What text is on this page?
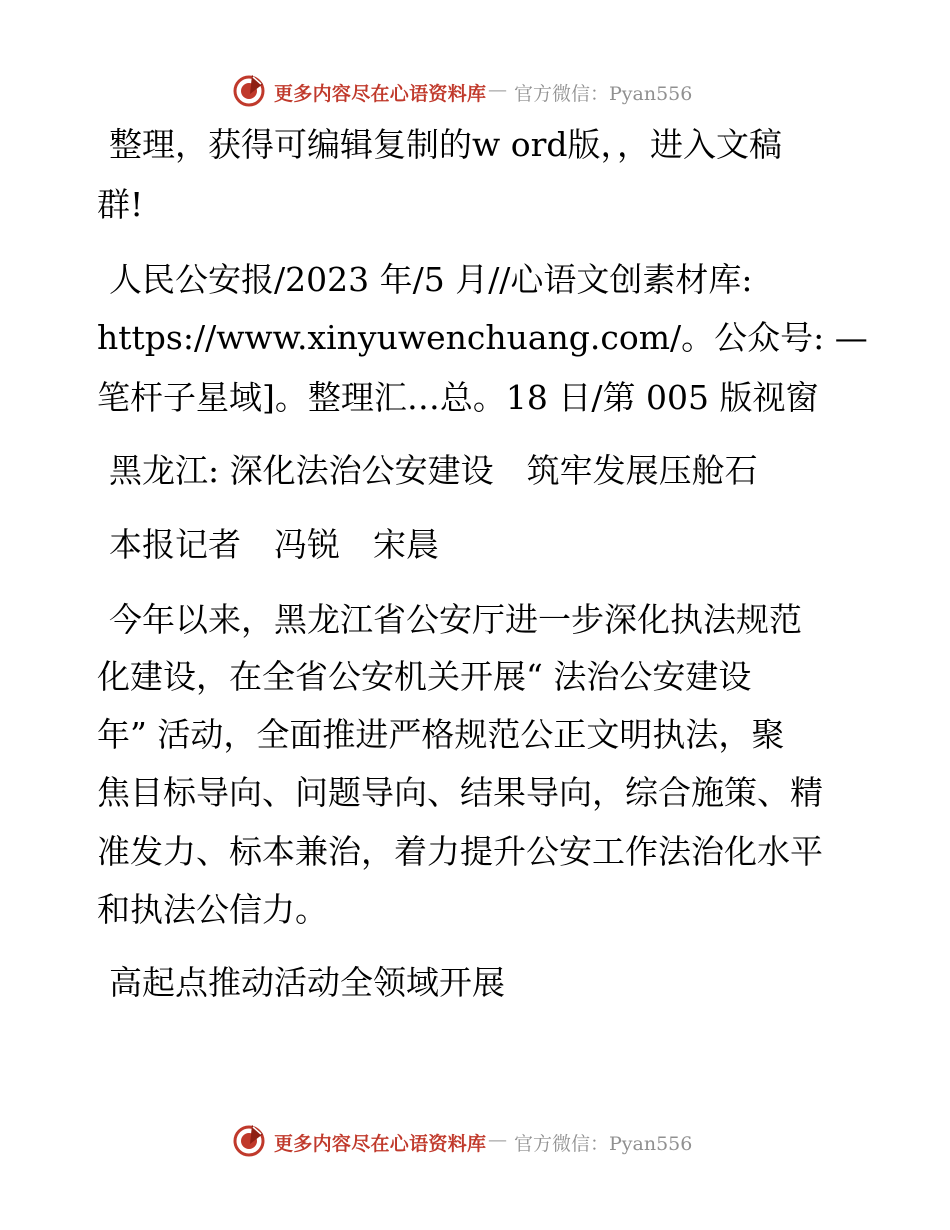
更多内容尽在心语资料库 — 官方微信：Pyan556
整理，获得可编辑复制的w ord版，，进入文稿
群!
人民公安报/2023 年/5 月//心语文创素材库:
https://www.xinyuwenchuang.com/。公众号: —
笔杆子星域]。整理汇…总。18 日/第 005 版视窗
黑龙江: 深化法治公安建设　筑牢发展压舱石
本报记者　冯锐　宋晨
今年以来，黑龙江省公安厅进一步深化执法规范
化建设，在全省公安机关开展“ 法治公安建设
年” 活动，全面推进严格规范公正文明执法，聚
焦目标导向、问题导向、结果导向，综合施策、精
准发力、标本兼治，着力提升公安工作法治化水平
和执法公信力。
高起点推动活动全领域开展
更多内容尽在心语资料库 — 官方微信：Pyan556
